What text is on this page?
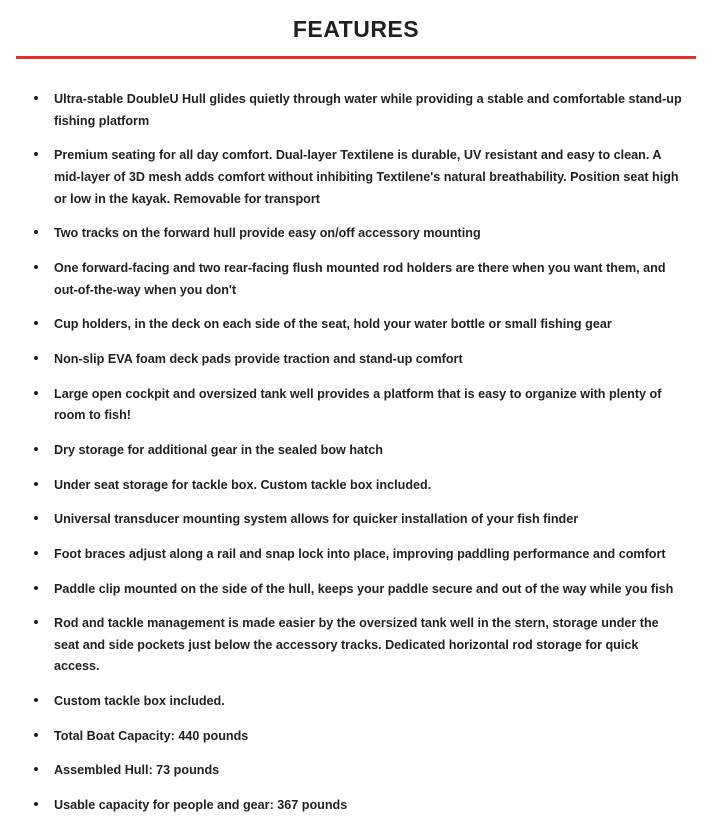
FEATURES
Ultra-stable DoubleU Hull glides quietly through water while providing a stable and comfortable stand-up fishing platform
Premium seating for all day comfort. Dual-layer Textilene is durable, UV resistant and easy to clean. A mid-layer of 3D mesh adds comfort without inhibiting Textilene's natural breathability. Position seat high or low in the kayak. Removable for transport
Two tracks on the forward hull provide easy on/off accessory mounting
One forward-facing and two rear-facing flush mounted rod holders are there when you want them, and out-of-the-way when you don't
Cup holders, in the deck on each side of the seat, hold your water bottle or small fishing gear
Non-slip EVA foam deck pads provide traction and stand-up comfort
Large open cockpit and oversized tank well provides a platform that is easy to organize with plenty of room to fish!
Dry storage for additional gear in the sealed bow hatch
Under seat storage for tackle box. Custom tackle box included.
Universal transducer mounting system allows for quicker installation of your fish finder
Foot braces adjust along a rail and snap lock into place, improving paddling performance and comfort
Paddle clip mounted on the side of the hull, keeps your paddle secure and out of the way while you fish
Rod and tackle management is made easier by the oversized tank well in the stern, storage under the seat and side pockets just below the accessory tracks. Dedicated horizontal rod storage for quick access.
Custom tackle box included.
Total Boat Capacity: 440 pounds
Assembled Hull: 73 pounds
Usable capacity for people and gear: 367 pounds
